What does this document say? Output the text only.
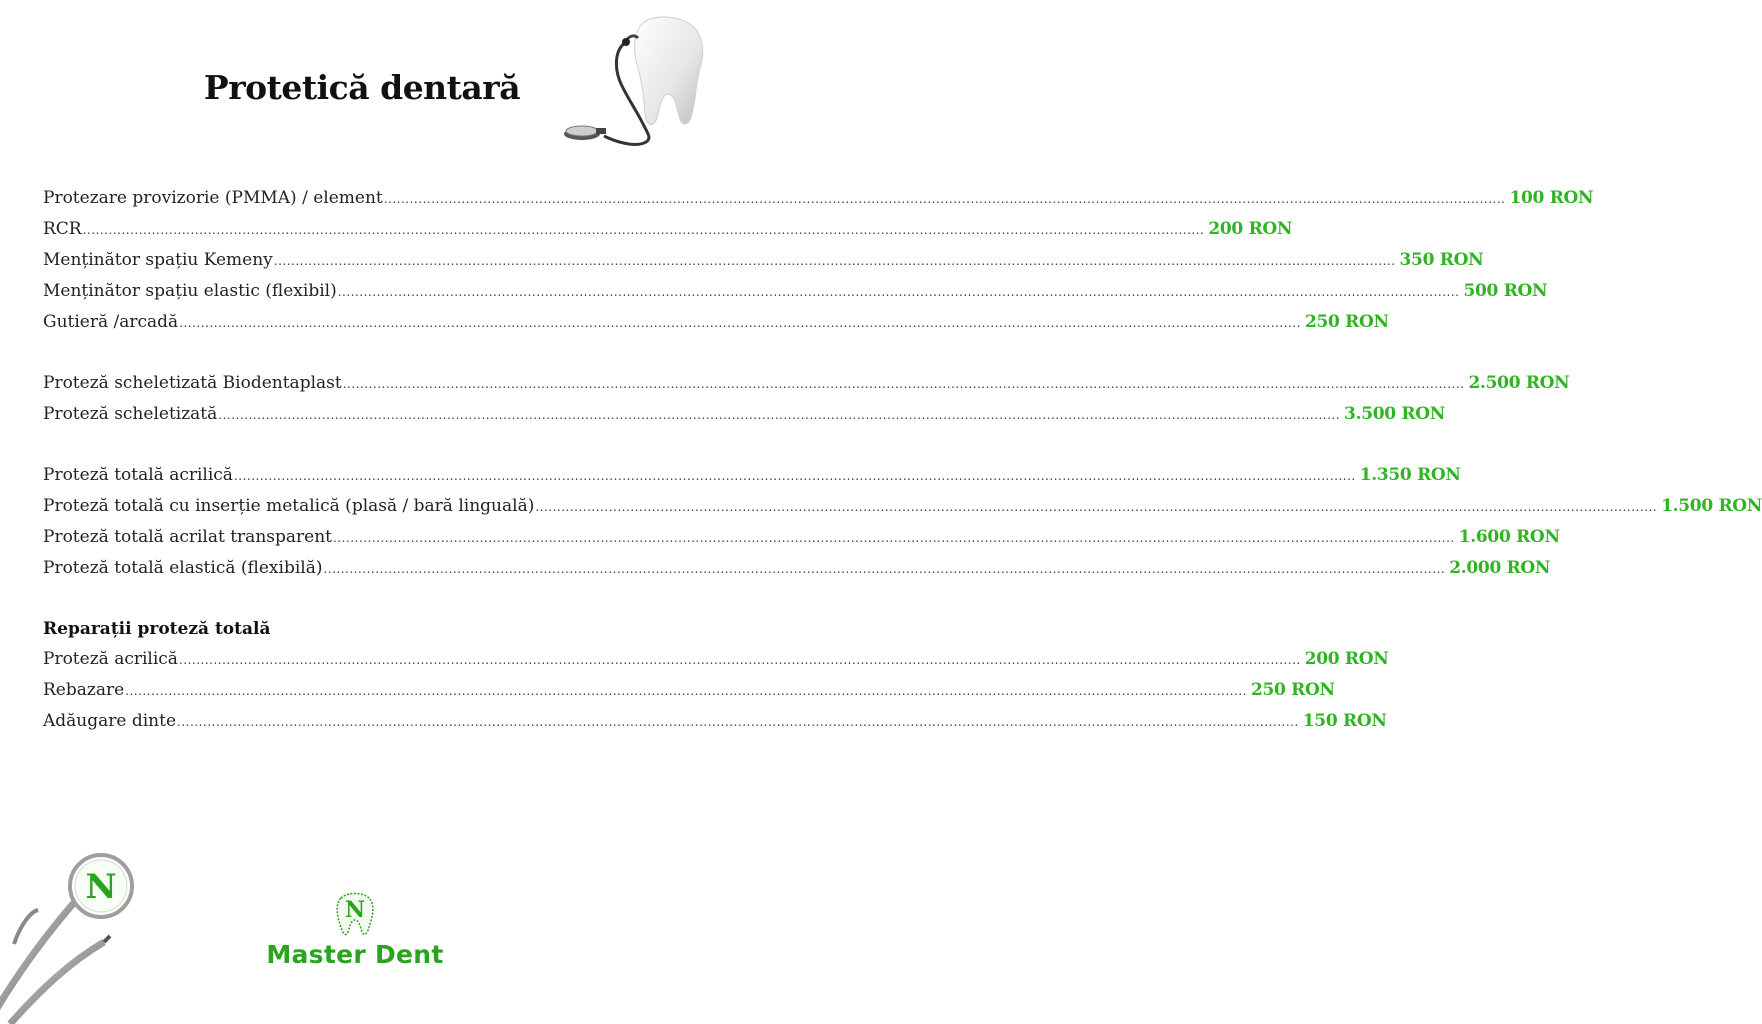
Protetică dentară
Protezare provizorie (PMMA) / element .................................................................................................................................................................................................................................................................... 100 RON
RCR .................................................................................................................................................................................................................................................................... 200 RON
Menținător spațiu Kemeny .................................................................................................................................................................................................................................................................... 350 RON
Menținător spațiu elastic (flexibil) .................................................................................................................................................................................................................................................................... 500 RON
Gutieră /arcadă .................................................................................................................................................................................................................................................................... 250 RON
Proteză scheletizată Biodentaplast .................................................................................................................................................................................................................................................................... 2.500 RON
Proteză scheletizată .................................................................................................................................................................................................................................................................... 3.500 RON
Proteză totală acrilică .................................................................................................................................................................................................................................................................... 1.350 RON
Proteză totală cu inserție metalică (plasă / bară linguală) .................................................................................................................................................................................................................................................................... 1.500 RON
Proteză totală acrilat transparent .................................................................................................................................................................................................................................................................... 1.600 RON
Proteză totală elastică (flexibilă) .................................................................................................................................................................................................................................................................... 2.000 RON
Reparații proteză totală
Proteză acrilică .................................................................................................................................................................................................................................................................... 200 RON
Rebazare .................................................................................................................................................................................................................................................................... 250 RON
Adăugare dinte .................................................................................................................................................................................................................................................................... 150 RON
N
N
Master Dent
